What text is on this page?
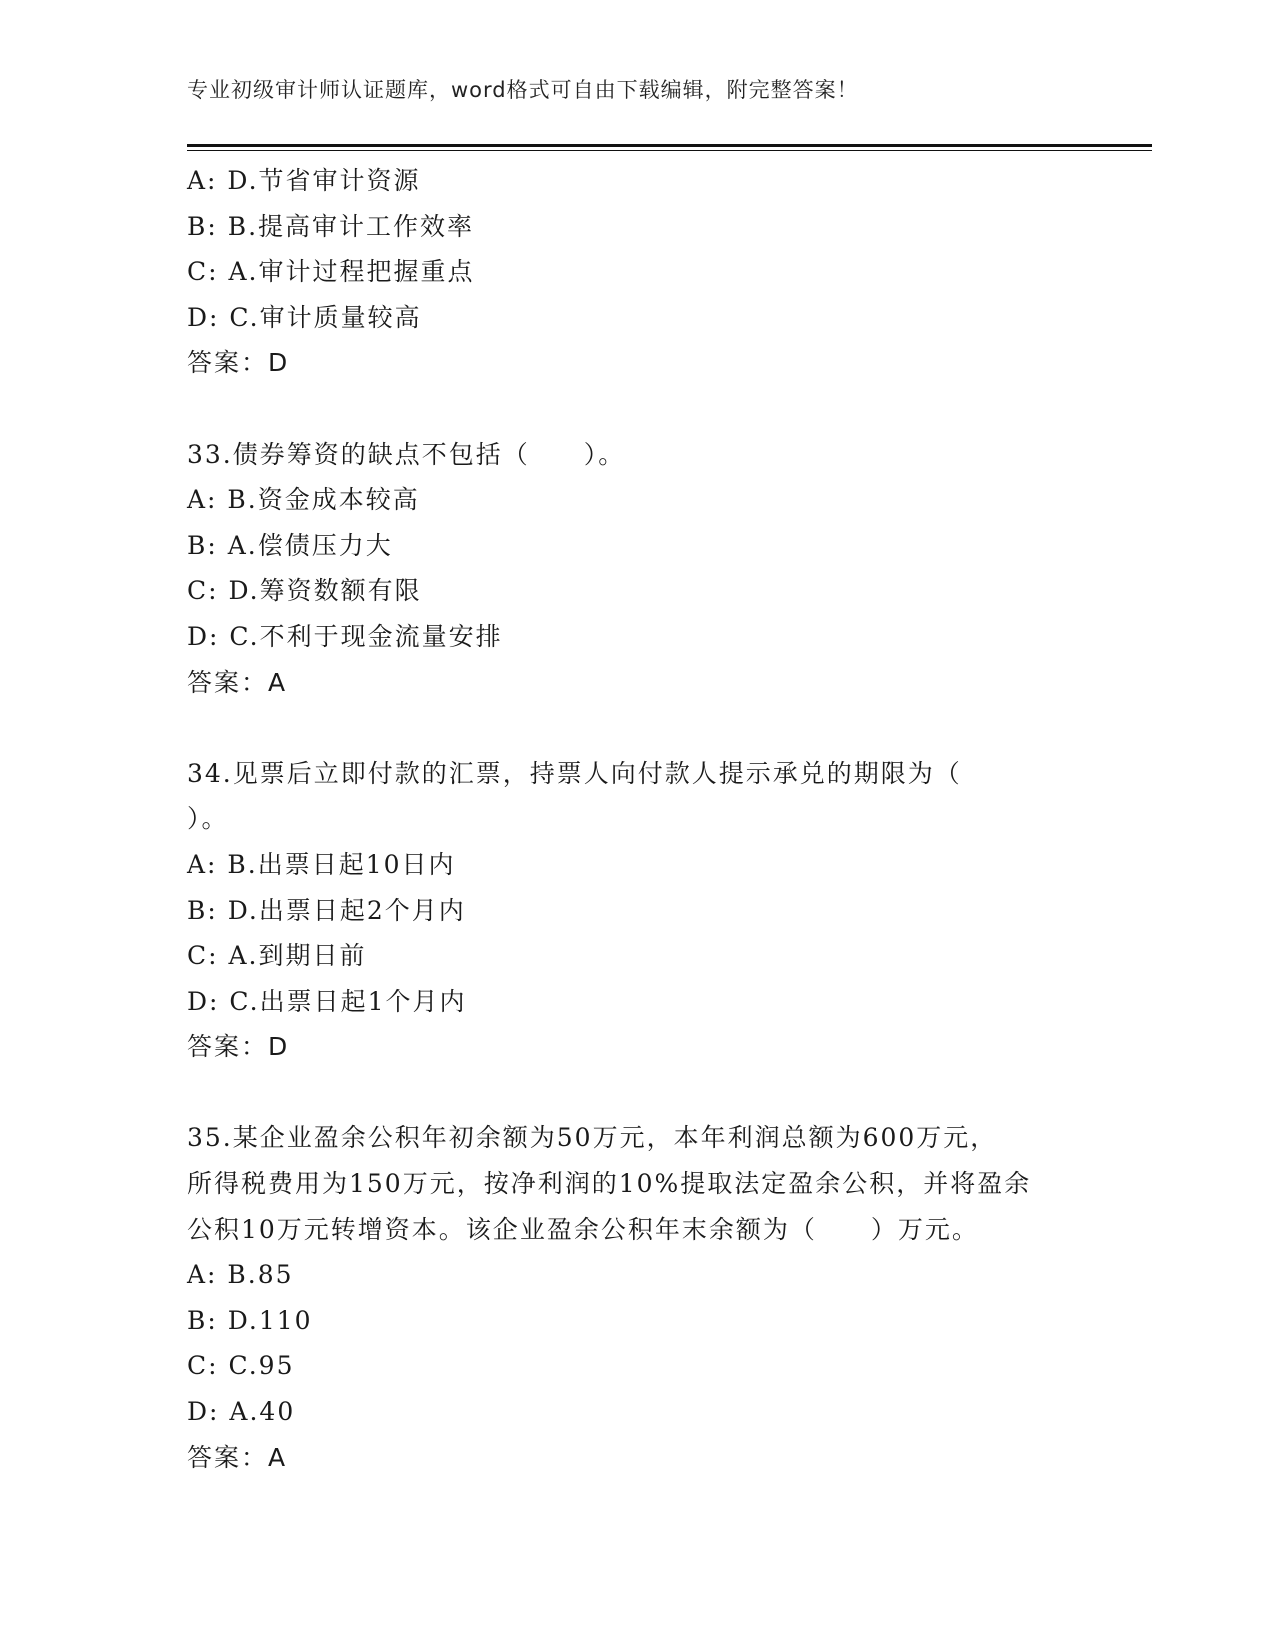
专业初级审计师认证题库，word格式可自由下载编辑，附完整答案！
A: D.节省审计资源
B: B.提高审计工作效率
C: A.审计过程把握重点
D: C.审计质量较高
答案：D
33.债券筹资的缺点不包括（　　）。
A: B.资金成本较高
B: A.偿债压力大
C: D.筹资数额有限
D: C.不利于现金流量安排
答案：A
34.见票后立即付款的汇票，持票人向付款人提示承兑的期限为（
）。
A: B.出票日起10日内
B: D.出票日起2个月内
C: A.到期日前
D: C.出票日起1个月内
答案：D
35.某企业盈余公积年初余额为50万元，本年利润总额为600万元，
所得税费用为150万元，按净利润的10%提取法定盈余公积，并将盈余
公积10万元转增资本。该企业盈余公积年末余额为（　　）万元。
A: B.85
B: D.110
C: C.95
D: A.40
答案：A
